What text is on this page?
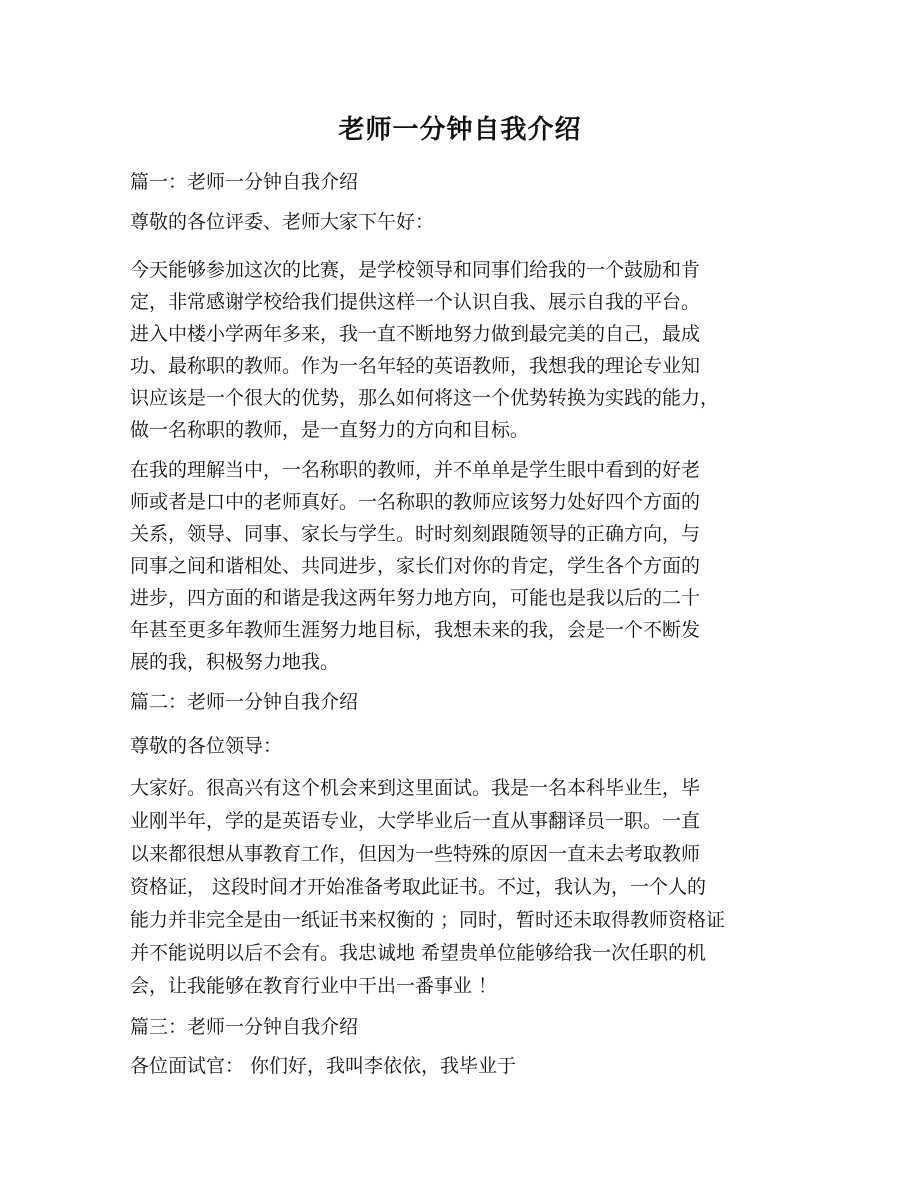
老师一分钟自我介绍
篇一：老师一分钟自我介绍
尊敬的各位评委、老师大家下午好：
今天能够参加这次的比赛，是学校领导和同事们给我的一个鼓励和肯
定，非常感谢学校给我们提供这样一个认识自我、展示自我的平台。
进入中楼小学两年多来，我一直不断地努力做到最完美的自己，最成
功、最称职的教师。作为一名年轻的英语教师，我想我的理论专业知
识应该是一个很大的优势，那么如何将这一个优势转换为实践的能力，
做一名称职的教师，是一直努力的方向和目标。
在我的理解当中，一名称职的教师，并不单单是学生眼中看到的好老
师或者是口中的老师真好。一名称职的教师应该努力处好四个方面的
关系，领导、同事、家长与学生。时时刻刻跟随领导的正确方向，与
同事之间和谐相处、共同进步，家长们对你的肯定，学生各个方面的
进步，四方面的和谐是我这两年努力地方向，可能也是我以后的二十
年甚至更多年教师生涯努力地目标，我想未来的我，会是一个不断发
展的我，积极努力地我。
篇二：老师一分钟自我介绍
尊敬的各位领导：
大家好。很高兴有这个机会来到这里面试。我是一名本科毕业生，毕
业刚半年，学的是英语专业，大学毕业后一直从事翻译员一职。一直
以来都很想从事教育工作，但因为一些特殊的原因一直未去考取教师
资格证， 这段时间才开始准备考取此证书。不过，我认为，一个人的
能力并非完全是由一纸证书来权衡的 ；同时，暂时还未取得教师资格证
并不能说明以后不会有。我忠诚地 希望贵单位能够给我一次任职的机
会，让我能够在教育行业中干出一番事业 ！
篇三：老师一分钟自我介绍
各位面试官： 你们好，我叫李依依，我毕业于
